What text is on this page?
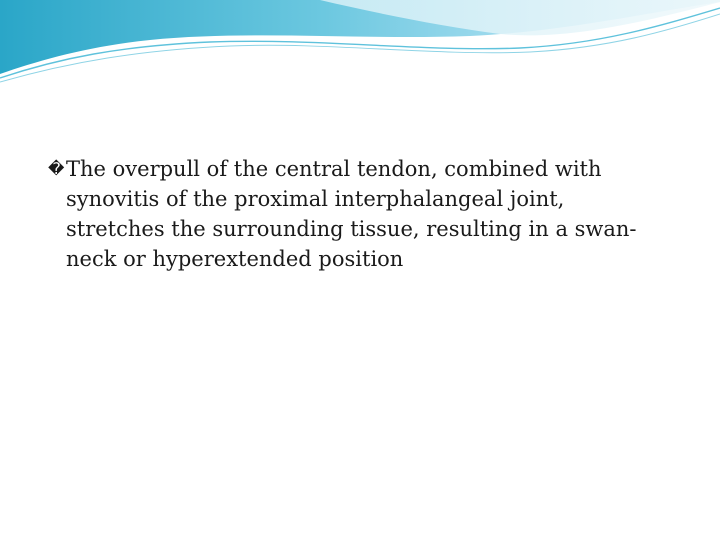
� The overpull of the central tendon, combined with synovitis of the proximal interphalangeal joint, stretches the surrounding tissue, resulting in a swan-neck or hyperextended position
